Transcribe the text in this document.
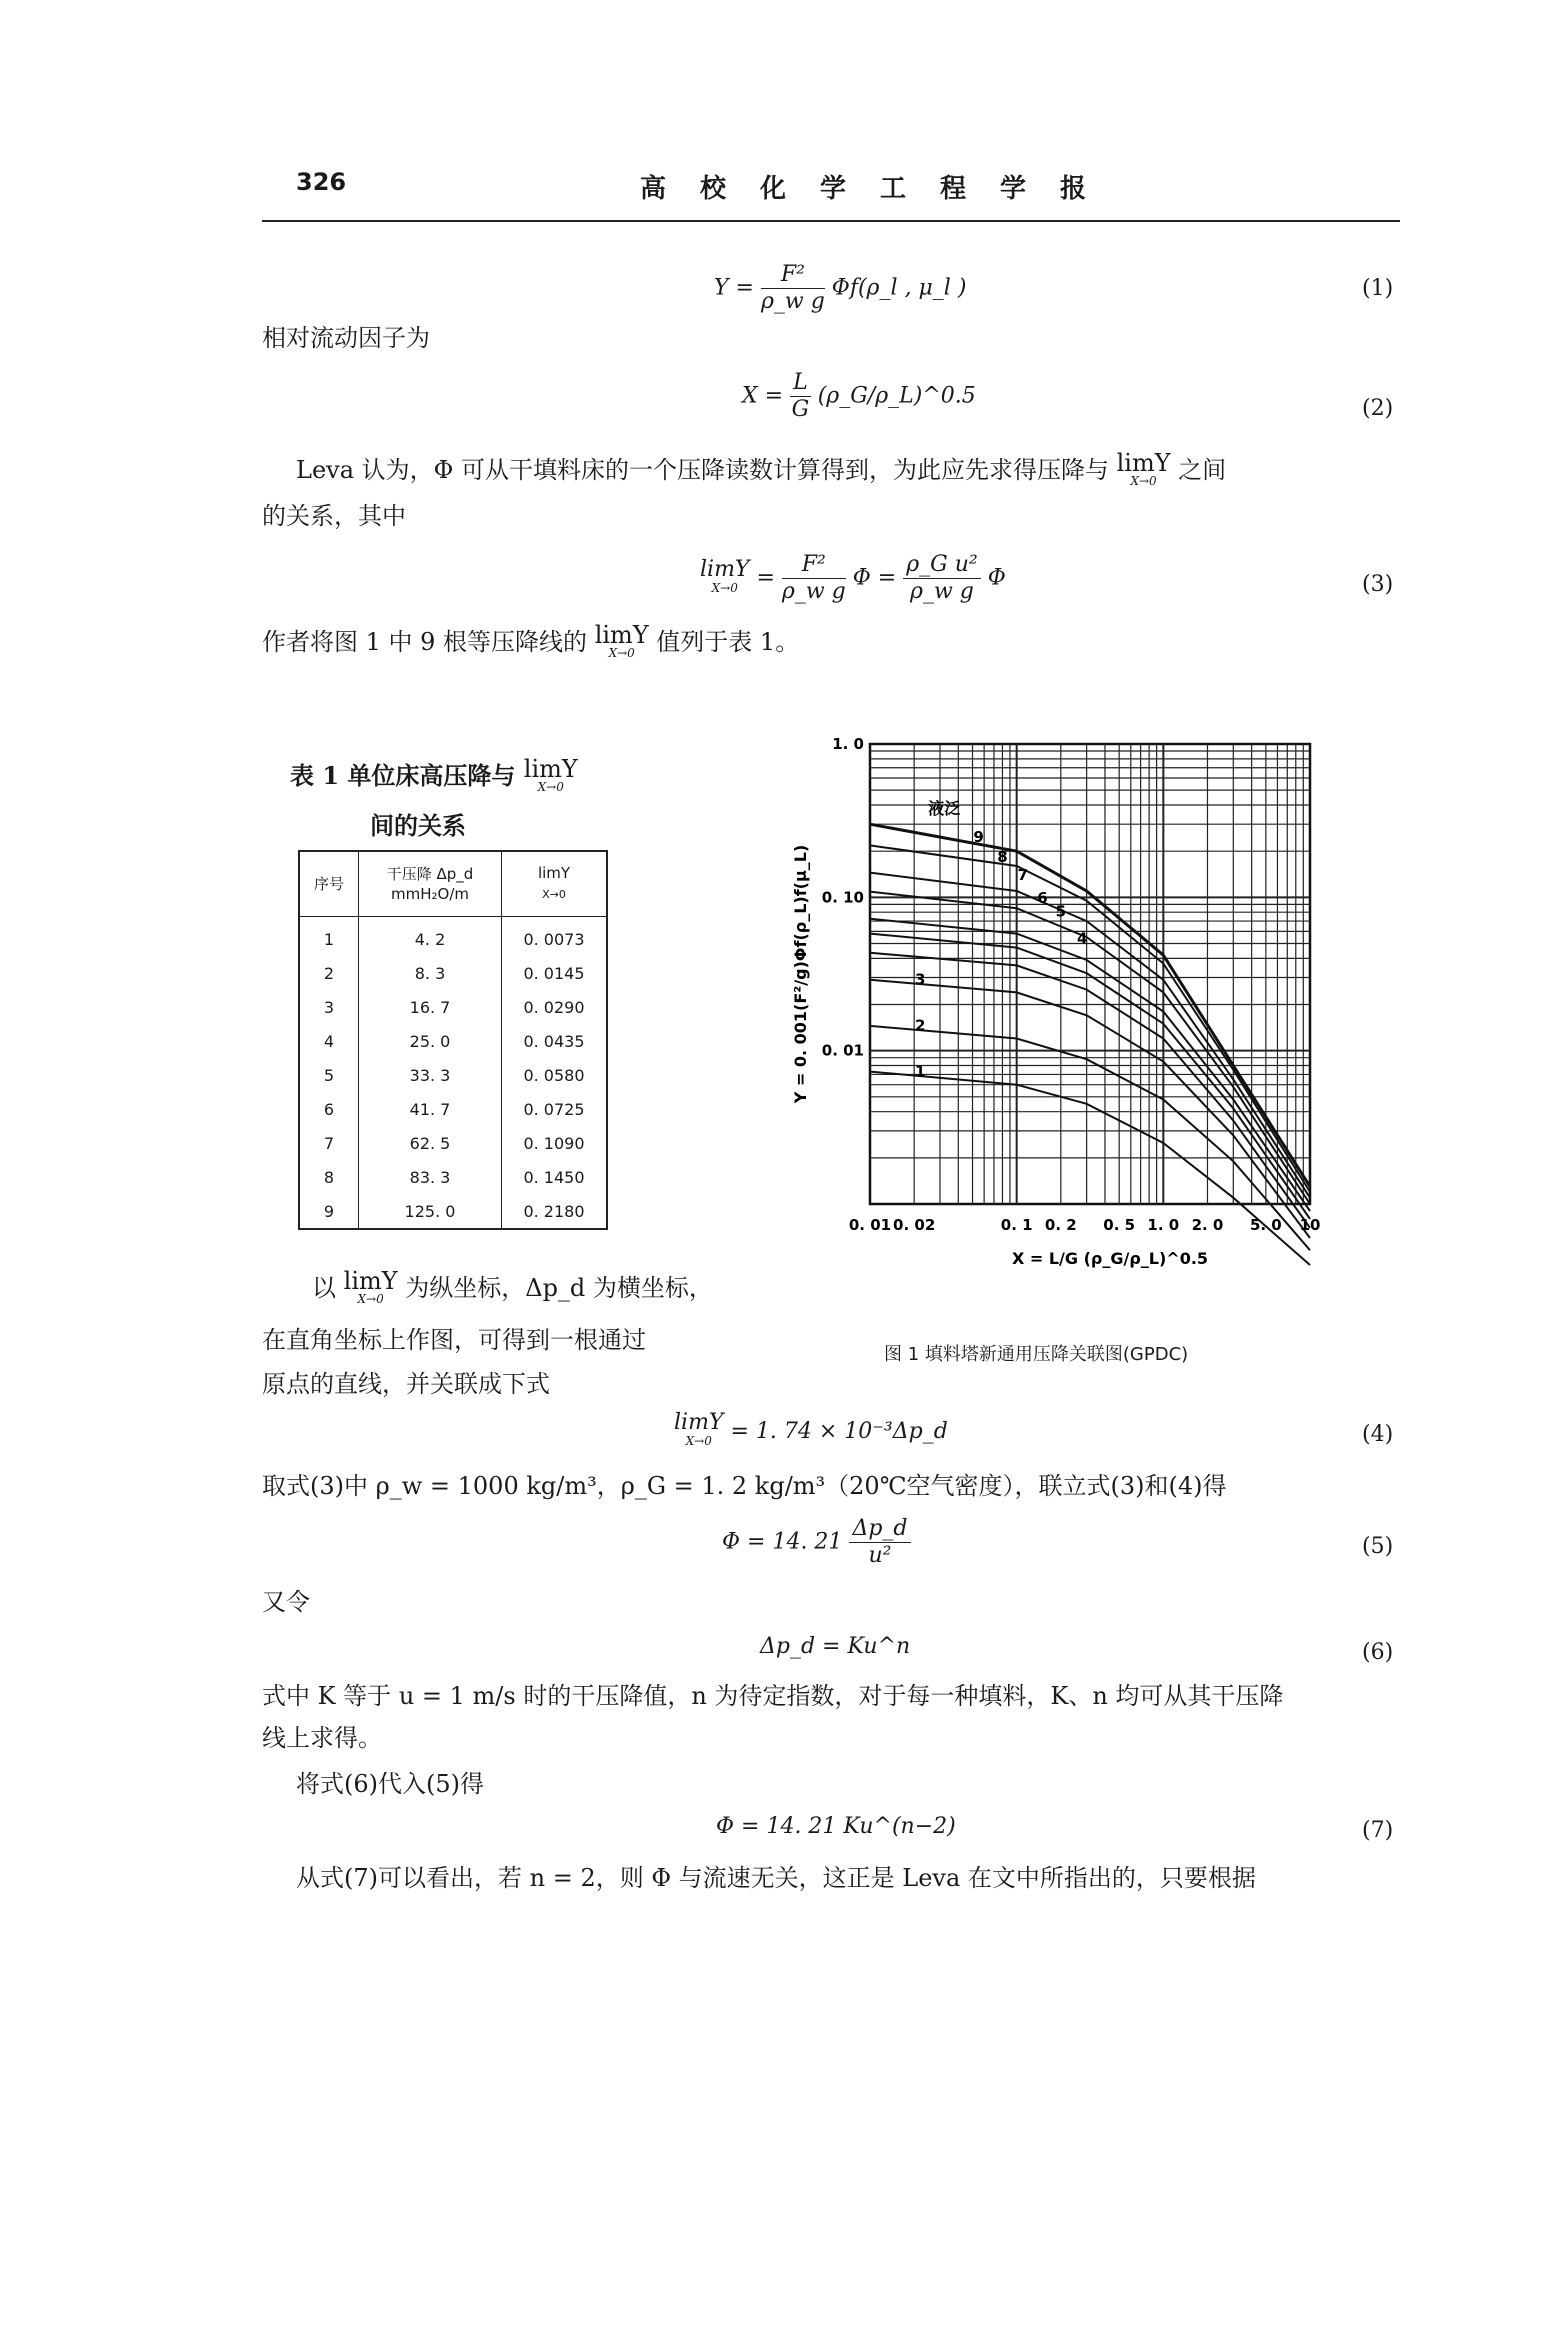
326	高校化学工程学报
$Y = \frac{\text{F²}}{\text{ρ\_w g}}$ Φf(ρ_l , μ_l )	(1)
相对流动因子为
$X = \frac{L}{G}$ (ρ_G/ρ_L)^0.5	(2)
Leva 认为，Φ 可从干填料床的一个压降读数计算得到，为此应先求得压降与 limY
X→0 之间
的关系，其中
limY
$X\to 0 = \frac{\text{F²}}{\text{ρ\_w g}}$ $\Phi = \frac{\text{ρ\_G u²}}{\text{ρ\_w g}}$ Φ	(3)
作者将图 1 中 9 根等压降线的 limY
X→0 值列于表 1。
表 1 单位床高压降与 limY
X→0
间的关系
序号	干压降 Δp_d
mmH₂O/m	limY
X→0
1	4. 2	0. 0073
2	8. 3	0. 0145
3	16. 7	0. 0290
4	25. 0	0. 0435
5	33. 3	0. 0580
6	41. 7	0. 0725
7	62. 5	0. 1090
8	83. 3	0. 1450
9	125. 0	0. 2180
0. 01 0. 02	0. 1 0. 2 0. 5 1. 0 2. 0 5. 0 10
0. 01
0. 10
1. 0
X = L/G (ρ_G/ρ_L)^0.5
Y = 0. 001(F²/g)Φf(ρ_L)f(μ_L)	1
2
3
4
5
6
7
8
9
液泛
图 1 填料塔新通用压降关联图(GPDC)
以 limY
X→0 为纵坐标，Δp_d 为横坐标，
在直角坐标上作图，可得到一根通过
原点的直线，并关联成下式
limY
X→0 = 1. 74 × 10⁻³Δp_d	(4)
取式(3)中 ρ_w = 1000 kg/m³，ρ_G = 1. 2 kg/m³（20℃空气密度），联立式(3)和(4)得
Φ = 14. $21 \frac{\Delta p\_d}{\text{u²}}$	(5)
又令
Δp_d = Ku^n	(6)
式中 K 等于 u = 1 m/s 时的干压降值，n 为待定指数，对于每一种填料，K、n 均可从其干压降
线上求得。
将式(6)代入(5)得
Φ = 14. 21 Ku^(n−2)	(7)
从式(7)可以看出，若 n = 2，则 Φ 与流速无关，这正是 Leva 在文中所指出的，只要根据
